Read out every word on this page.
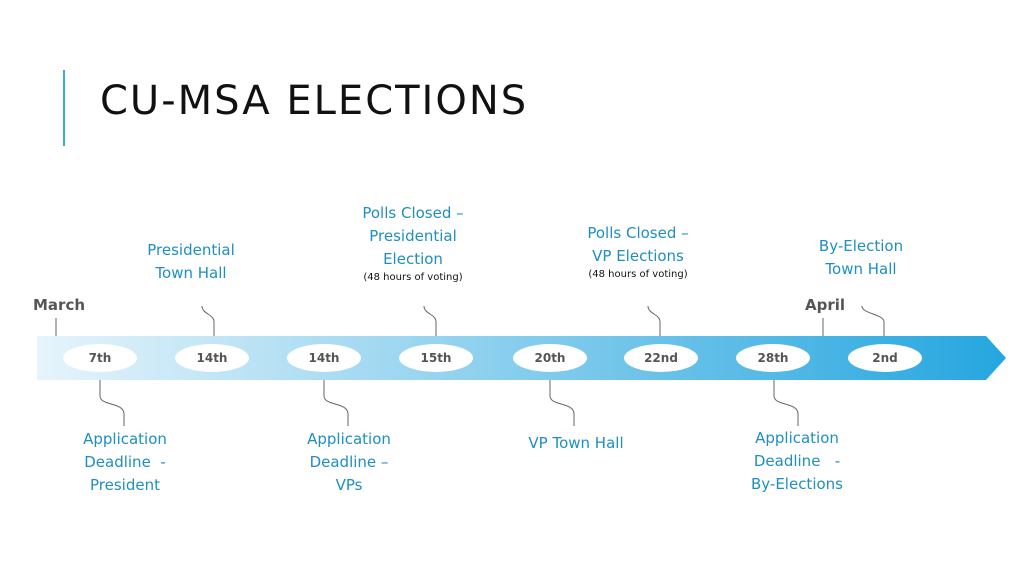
CU-MSA ELECTIONS
March	April
7th	14th	14th	15th	20th	22nd	28th	2nd
Presidential
Town Hall
Polls Closed –
Presidential
Election
(48 hours of voting)
Polls Closed –
VP Elections
(48 hours of voting)
By-Election
Town Hall
Application
Deadline  -
President
Application
Deadline –
VPs
VP Town Hall	Application
Deadline   -
By-Elections
